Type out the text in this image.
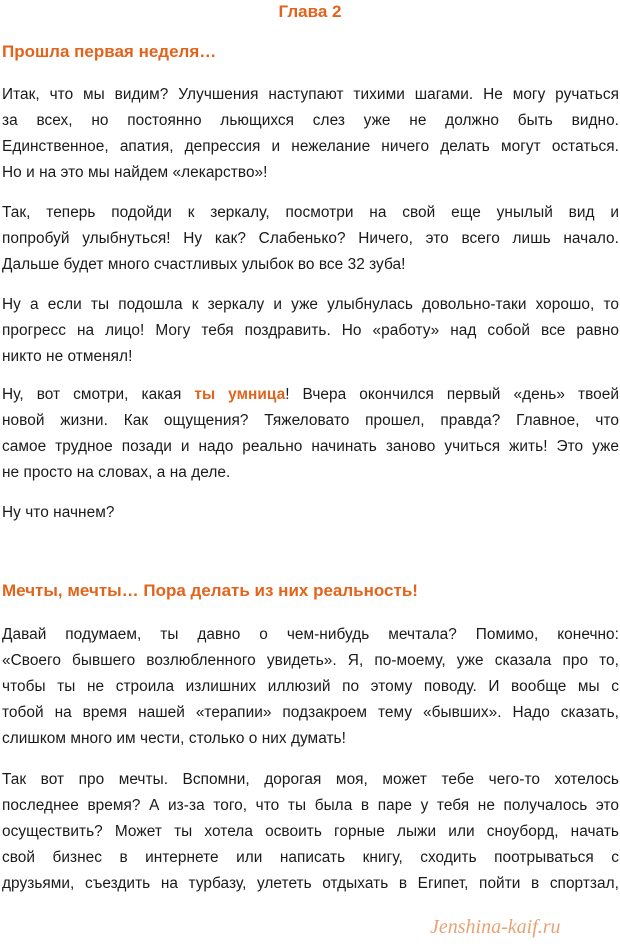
Глава 2
Прошла первая неделя…
Итак, что мы видим? Улучшения наступают тихими шагами. Не могу ручаться
за всех, но постоянно льющихся слез уже не должно быть видно.
Единственное, апатия, депрессия и нежелание ничего делать могут остаться.
Но и на это мы найдем «лекарство»!
Так, теперь подойди к зеркалу, посмотри на свой еще унылый вид и
попробуй улыбнуться! Ну как? Слабенько? Ничего, это всего лишь начало.
Дальше будет много счастливых улыбок во все 32 зуба!
Ну а если ты подошла к зеркалу и уже улыбнулась довольно-таки хорошо, то
прогресс на лицо! Могу тебя поздравить. Но «работу» над собой все равно
никто не отменял!
Ну, вот смотри, какая ты умница! Вчера окончился первый «день» твоей
новой жизни. Как ощущения? Тяжеловато прошел, правда? Главное, что
самое трудное позади и надо реально начинать заново учиться жить! Это уже
не просто на словах, а на деле.
Ну что начнем?
Мечты, мечты… Пора делать из них реальность!
Давай подумаем, ты давно о чем-нибудь мечтала? Помимо, конечно:
«Своего бывшего возлюбленного увидеть». Я, по-моему, уже сказала про то,
чтобы ты не строила излишних иллюзий по этому поводу. И вообще мы с
тобой на время нашей «терапии» подзакроем тему «бывших». Надо сказать,
слишком много им чести, столько о них думать!
Так вот про мечты. Вспомни, дорогая моя, может тебе чего-то хотелось
последнее время? А из-за того, что ты была в паре у тебя не получалось это
осуществить? Может ты хотела освоить горные лыжи или сноуборд, начать
свой бизнес в интернете или написать книгу, сходить поотрываться с
друзьями, съездить на турбазу, улететь отдыхать в Египет, пойти в спортзал,
Jenshina-kaif.ru
